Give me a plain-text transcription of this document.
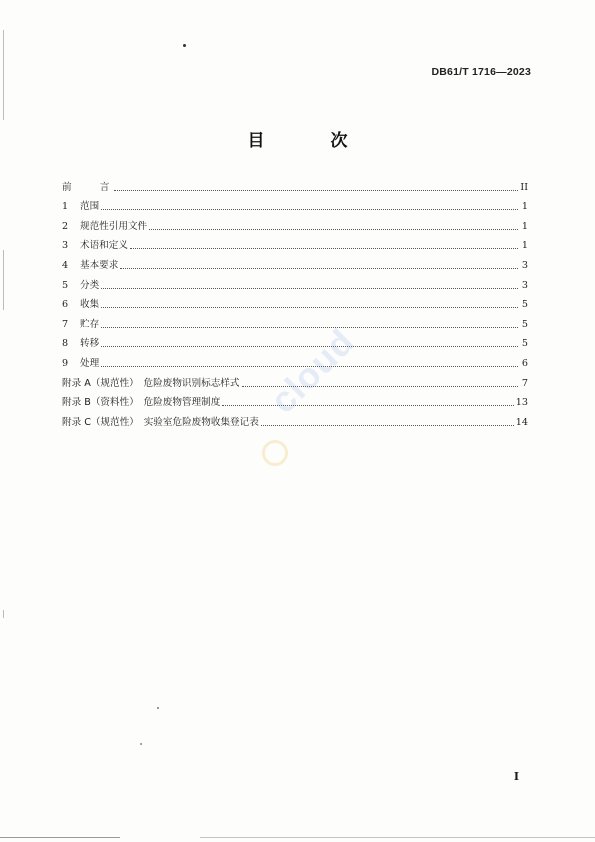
DB61/T 1716—2023
目 次
前　　言	II
1	范围	1
2	规范性引用文件	1
3	术语和定义	1
4	基本要求	3
5	分类	3
6	收集	5
7	贮存	5
8	转移	5
9	处理	6
附录 A（规范性）　危险废物识别标志样式	7
附录 B（资料性）　危险废物管理制度	13
附录 C（规范性）　实验室危险废物收集登记表	14
cloud
I
